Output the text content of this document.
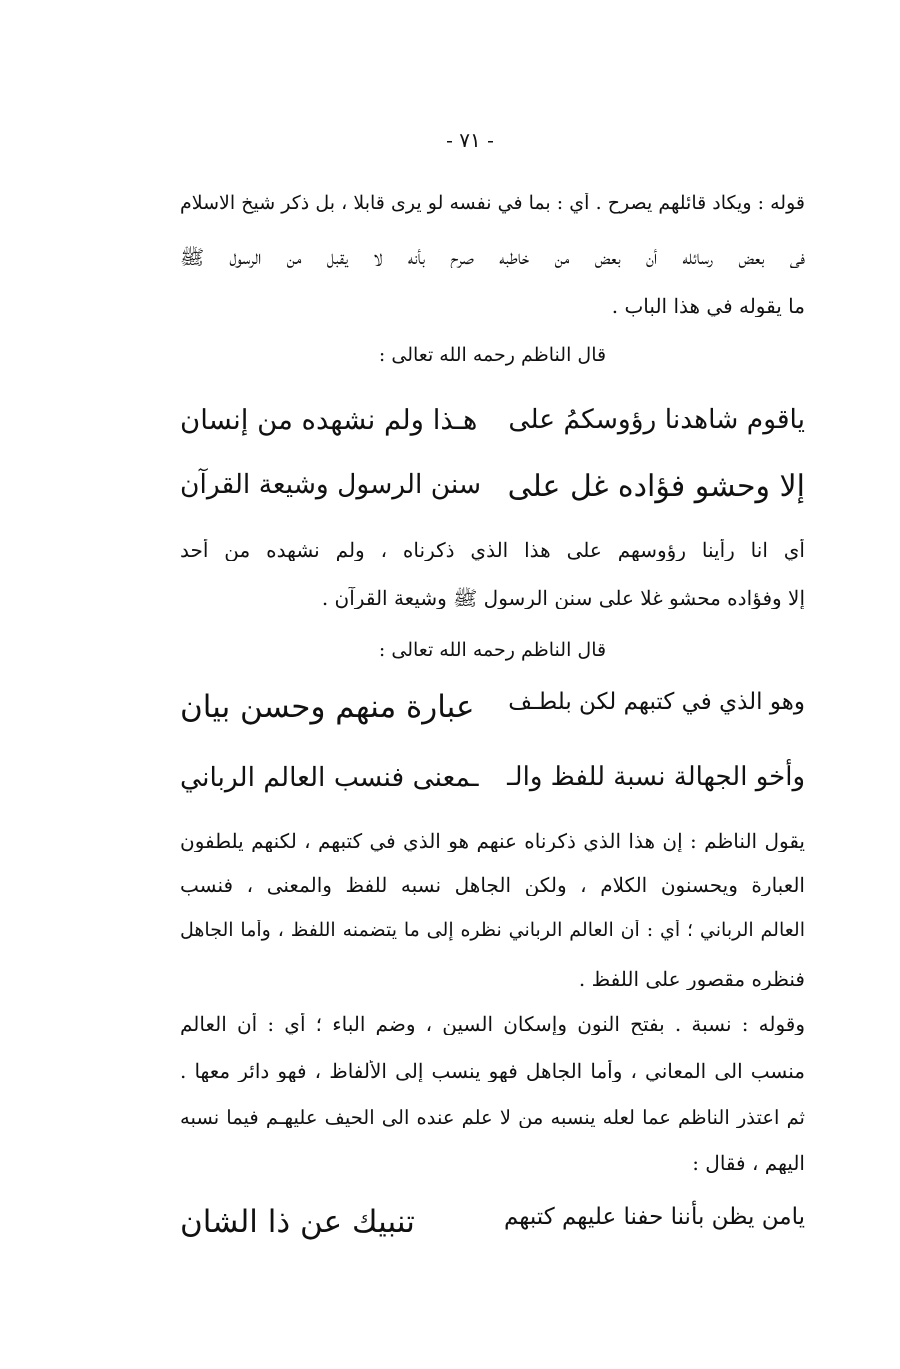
- ٧١ -
قوله : ويكاد قائلهم يصرح . أي : بما في نفسه لو يرى قابلا ، بل ذكر شيخ الاسلام
في بعض رسائله أن بعض من خاطبه صرح بأنه لا يقبل من الرسول ﷺ
ما يقوله في هذا الباب .
قال الناظم رحمه الله تعالى :
ياقوم شاهدنا رؤوسكمُ على
هـذا ولم نشهده من إنسان
إلا وحشو فؤاده غل على
سنن الرسول وشيعة القرآن
أي انا رأينا رؤوسهم على هذا الذي ذكرناه ، ولم نشهده من أحد
إلا وفؤاده محشو غلا على سنن الرسول ﷺ وشيعة القرآن .
قال الناظم رحمه الله تعالى :
وهو الذي في كتبهم لكن بلطـف
عبارة منهم وحسن بيان
وأخو الجهالة نسبة للفظ والـ
ـمعنى فنسب العالم الرباني
يقول الناظم : إن هذا الذي ذكرناه عنهم هو الذي في كتبهم ، لكنهم يلطفون
العبارة ويحسنون الكلام ، ولكن الجاهل نسبه للفظ والمعنى ، فنسب
العالم الرباني ؛ أي : أن العالم الرباني نظره إلى ما يتضمنه اللفظ ، وأما الجاهل
فنظره مقصور على اللفظ .
وقوله : نسبة . بفتح النون وإسكان السين ، وضم الباء ؛ أي : أن العالم
منسب الى المعاني ، وأما الجاهل فهو ينسب إلى الألفاظ ، فهو دائر معها .
ثم اعتذر الناظم عما لعله ينسبه من لا علم عنده الى الحيف عليهـم فيما نسبه
اليهم ، فقال :
يامن يظن بأننا حفنا عليهم كتبهم
تنبيك عن ذا الشان
